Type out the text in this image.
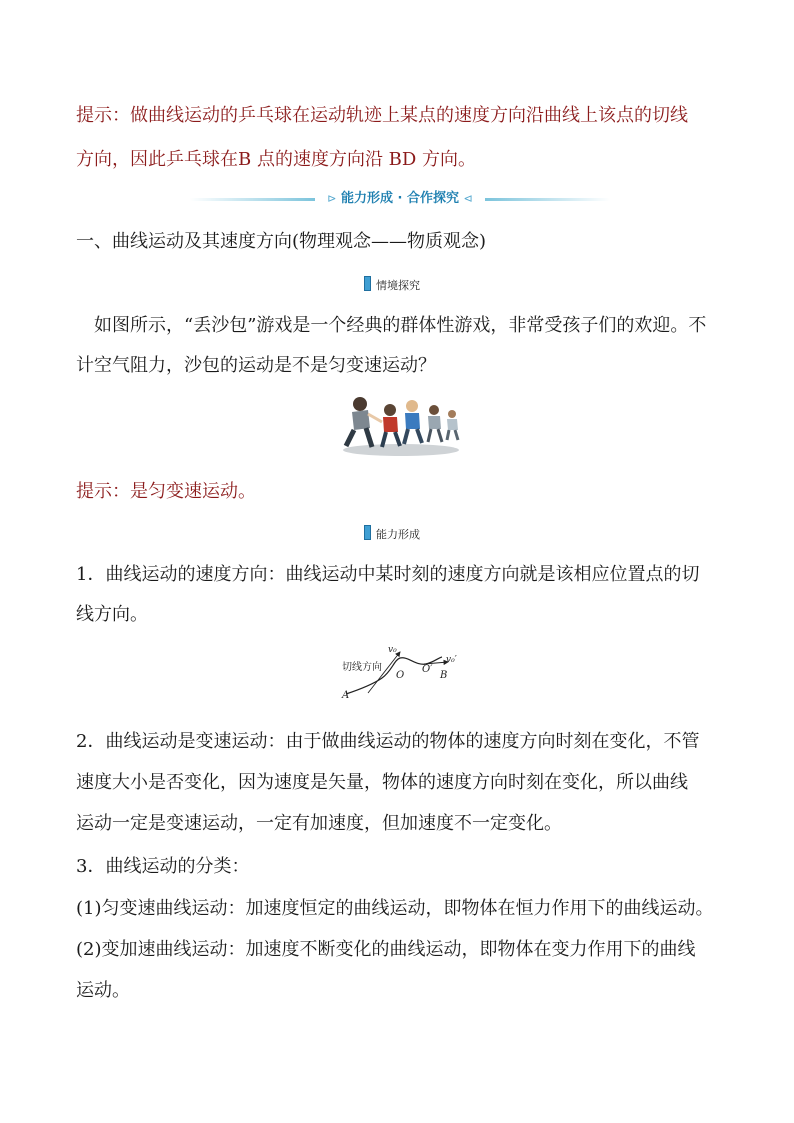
提示：做曲线运动的乒乓球在运动轨迹上某点的速度方向沿曲线上该点的切线
方向，因此乒乓球在B 点的速度方向沿 BD 方向。
⊳ 能力形成 · 合作探究 ⊲
一、曲线运动及其速度方向(物理观念——物质观念)
情境探究
如图所示，“丢沙包”游戏是一个经典的群体性游戏，非常受孩子们的欢迎。不
计空气阻力，沙包的运动是不是匀变速运动？
提示：是匀变速运动。
能力形成
1．曲线运动的速度方向：曲线运动中某时刻的速度方向就是该相应位置点的切
线方向。
切线方向
A
O
O′
B
v₀
v₀′
2．曲线运动是变速运动：由于做曲线运动的物体的速度方向时刻在变化，不管
速度大小是否变化，因为速度是矢量，物体的速度方向时刻在变化，所以曲线
运动一定是变速运动，一定有加速度，但加速度不一定变化。
3．曲线运动的分类：
(1)匀变速曲线运动：加速度恒定的曲线运动，即物体在恒力作用下的曲线运动。
(2)变加速曲线运动：加速度不断变化的曲线运动，即物体在变力作用下的曲线
运动。
